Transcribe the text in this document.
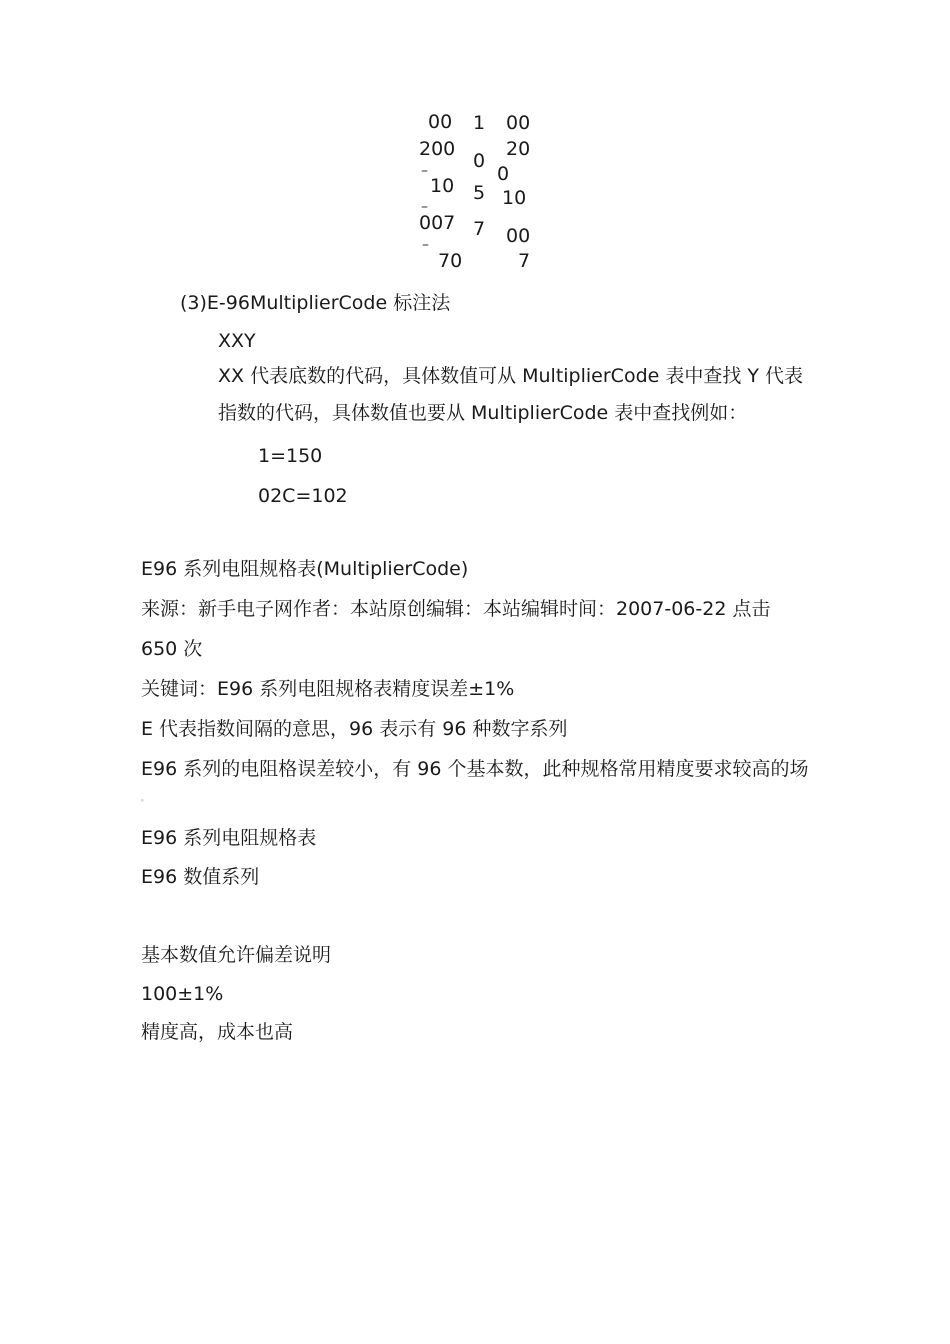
00
200
–
10
–
007
–
70
1
0
5
7
00
20
0
10
00
7
(3)E-96MultiplierCode 标注法
XXY
XX 代表底数的代码，具体数值可从 MultiplierCode 表中查找 Y 代表
指数的代码，具体数值也要从 MultiplierCode 表中查找例如：
1=150
02C=102
E96 系列电阻规格表(MultiplierCode)
来源：新手电子网作者：本站原创编辑：本站编辑时间：2007-06-22 点击
650 次
关键词：E96 系列电阻规格表精度误差±1%
E 代表指数间隔的意思，96 表示有 96 种数字系列
E96 系列的电阻格误差较小，有 96 个基本数，此种规格常用精度要求较高的场
ﾟ
E96 系列电阻规格表
E96 数值系列
基本数值允许偏差说明
100±1%
精度高，成本也高
